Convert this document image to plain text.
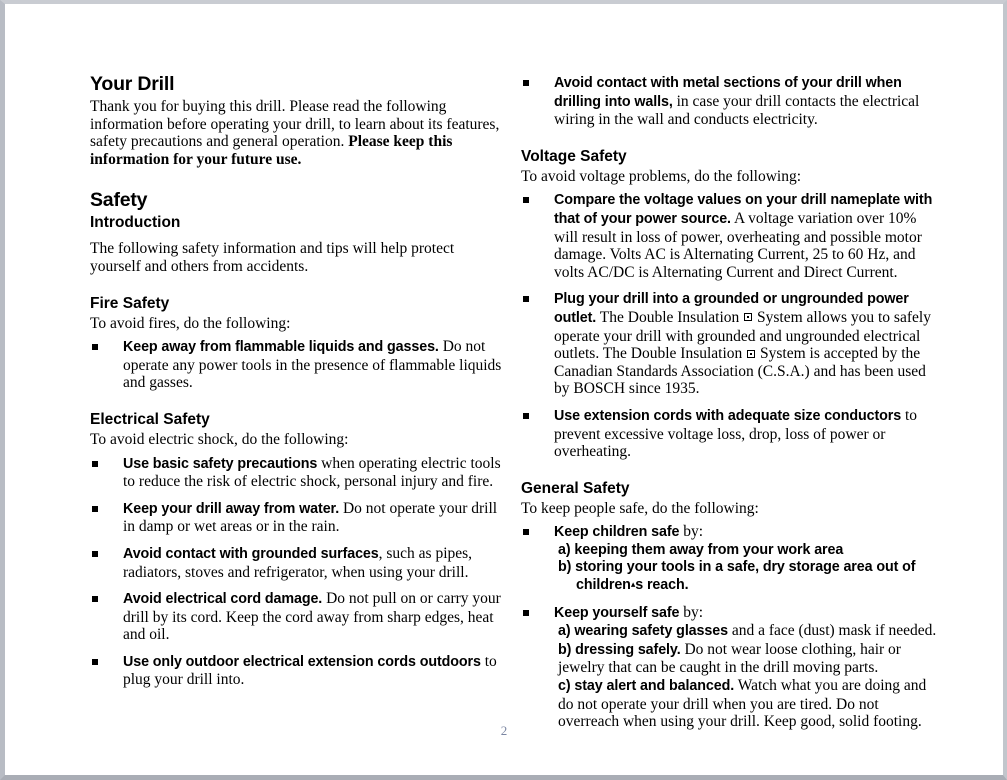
Your Drill

Thank you for buying this drill. Please read the following information before operating your drill, to learn about its features, safety precautions and general operation. Please keep this information for your future use.

Safety
Introduction

The following safety information and tips will help protect yourself and others from accidents.

Fire Safety

To avoid fires, do the following:

Keep away from flammable liquids and gasses. Do not operate any power tools in the presence of flammable liquids and gasses.
Electrical Safety

To avoid electric shock, do the following:

Use basic safety precautions when operating electric tools to reduce the risk of electric shock, personal injury and fire.
Keep your drill away from water. Do not operate your drill in damp or wet areas or in the rain.
Avoid contact with grounded surfaces, such as pipes, radiators, stoves and refrigerator, when using your drill.
Avoid electrical cord damage. Do not pull on or carry your drill by its cord. Keep the cord away from sharp edges, heat and oil.
Use only outdoor electrical extension cords outdoors to plug your drill into.
Avoid contact with metal sections of your drill when drilling into walls, in case your drill contacts the electrical wiring in the wall and conducts electricity.
Voltage Safety

To avoid voltage problems, do the following:

Compare the voltage values on your drill nameplate with that of your power source. A voltage variation over 10% will result in loss of power, overheating and possible motor damage. Volts AC is Alternating Current, 25 to 60 Hz, and volts AC/DC is Alternating Current and Direct Current.
Plug your drill into a grounded or ungrounded power outlet. The Double Insulation  System allows you to safely operate your drill with grounded and ungrounded electrical outlets. The Double Insulation  System is accepted by the Canadian Standards Association (C.S.A.) and has been used by BOSCH since 1935.
Use extension cords with adequate size conductors to prevent excessive voltage loss, drop, loss of power or overheating.
General Safety

To keep people safe, do the following:

Keep children safe by:
a) keeping them away from your work area
b) storing your tools in a safe, dry storage area out of
children▴s reach.
Keep yourself safe by:
a) wearing safety glasses and a face (dust) mask if needed.
b) dressing safely. Do not wear loose clothing, hair or jewelry that can be caught in the drill moving parts.
c) stay alert and balanced. Watch what you are doing and do not operate your drill when you are tired. Do not overreach when using your drill. Keep good, solid footing.
2
